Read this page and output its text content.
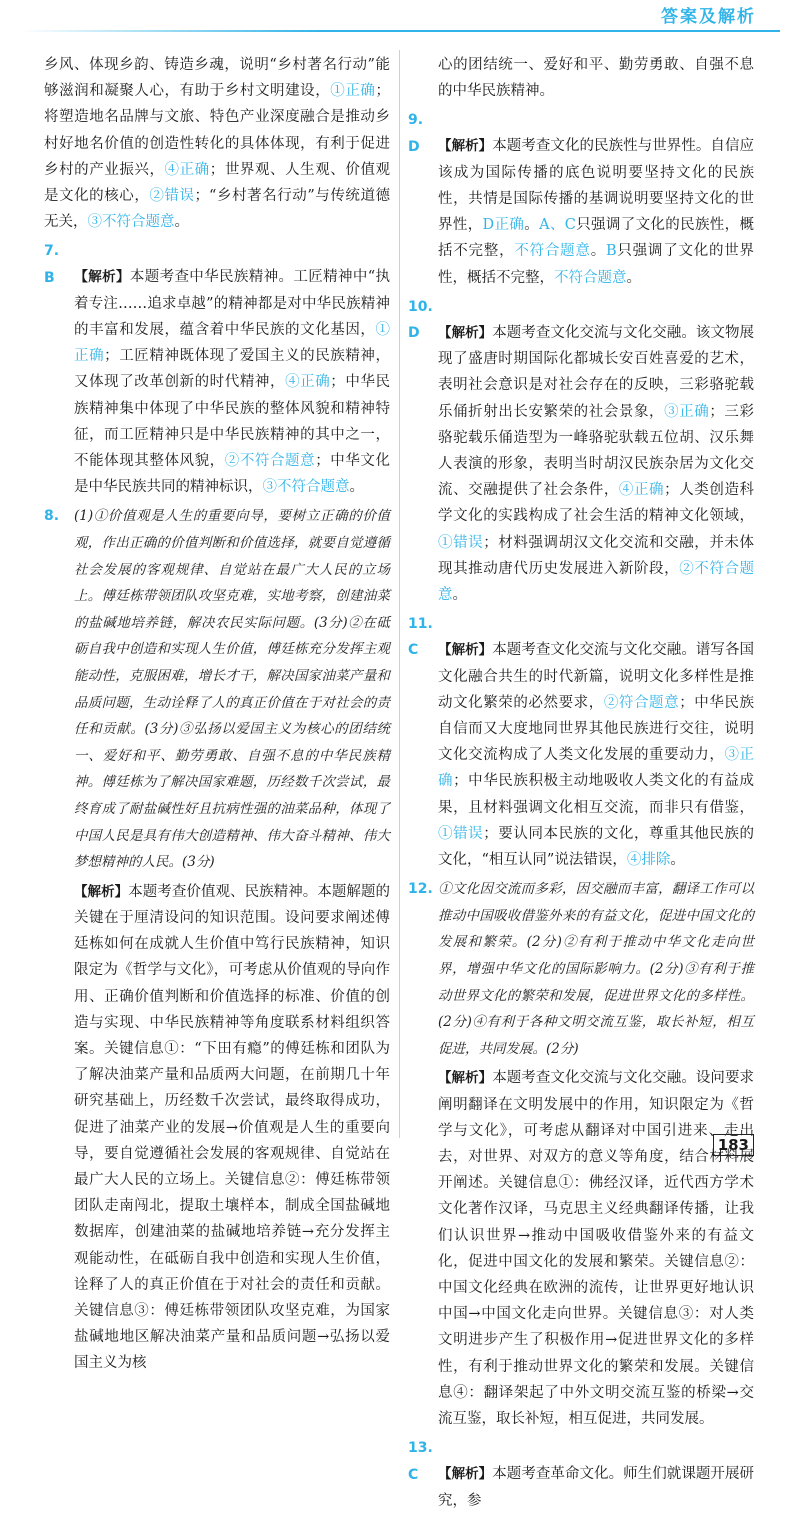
答案及解析
乡风、体现乡韵、铸造乡魂，说明“乡村著名行动”能够滋润和凝聚人心，有助于乡村文明建设，①正确；将塑造地名品牌与文旅、特色产业深度融合是推动乡村好地名价值的创造性转化的具体体现，有利于促进乡村的产业振兴，④正确；世界观、人生观、价值观是文化的核心，②错误；“乡村著名行动”与传统道德无关，③不符合题意。
7. B 【解析】本题考查中华民族精神。工匠精神中“执着专注……追求卓越”的精神都是对中华民族精神的丰富和发展，蕴含着中华民族的文化基因，①正确；工匠精神既体现了爱国主义的民族精神，又体现了改革创新的时代精神，④正确；中华民族精神集中体现了中华民族的整体风貌和精神特征，而工匠精神只是中华民族精神的其中之一，不能体现其整体风貌，②不符合题意；中华文化是中华民族共同的精神标识，③不符合题意。
8. (1)①价值观是人生的重要向导，要树立正确的价值观，作出正确的价值判断和价值选择，就要自觉遵循社会发展的客观规律、自觉站在最广大人民的立场上。傅廷栋带领团队攻坚克难，实地考察，创建油菜的盐碱地培养链，解决农民实际问题。(3分)②在砥砺自我中创造和实现人生价值，傅廷栋充分发挥主观能动性，克服困难，增长才干，解决国家油菜产量和品质问题，生动诠释了人的真正价值在于对社会的责任和贡献。(3分)③弘扬以爱国主义为核心的团结统一、爱好和平、勤劳勇敢、自强不息的中华民族精神。傅廷栋为了解决国家难题，历经数千次尝试，最终育成了耐盐碱性好且抗病性强的油菜品种，体现了中国人民是具有伟大创造精神、伟大奋斗精神、伟大梦想精神的人民。(3分)
【解析】本题考查价值观、民族精神。本题解题的关键在于厘清设问的知识范围。设问要求阐述傅廷栋如何在成就人生价值中笃行民族精神，知识限定为《哲学与文化》，可考虑从价值观的导向作用、正确价值判断和价值选择的标准、价值的创造与实现、中华民族精神等角度联系材料组织答案。关键信息①：“下田有瘾”的傅廷栋和团队为了解决油菜产量和品质两大问题，在前期几十年研究基础上，历经数千次尝试，最终取得成功，促进了油菜产业的发展→价值观是人生的重要向导，要自觉遵循社会发展的客观规律、自觉站在最广大人民的立场上。关键信息②：傅廷栋带领团队走南闯北，提取土壤样本，制成全国盐碱地数据库，创建油菜的盐碱地培养链→充分发挥主观能动性，在砥砺自我中创造和实现人生价值，诠释了人的真正价值在于对社会的责任和贡献。关键信息③：傅廷栋带领团队攻坚克难，为国家盐碱地地区解决油菜产量和品质问题→弘扬以爱国主义为核
心的团结统一、爱好和平、勤劳勇敢、自强不息的中华民族精神。
9. D 【解析】本题考查文化的民族性与世界性。自信应该成为国际传播的底色说明要坚持文化的民族性，共情是国际传播的基调说明要坚持文化的世界性，D正确。A、C只强调了文化的民族性，概括不完整，不符合题意。B只强调了文化的世界性，概括不完整，不符合题意。
10. D 【解析】本题考查文化交流与文化交融。该文物展现了盛唐时期国际化都城长安百姓喜爱的艺术，表明社会意识是对社会存在的反映，三彩骆驼载乐俑折射出长安繁荣的社会景象，③正确；三彩骆驼载乐俑造型为一峰骆驼驮载五位胡、汉乐舞人表演的形象，表明当时胡汉民族杂居为文化交流、交融提供了社会条件，④正确；人类创造科学文化的实践构成了社会生活的精神文化领域，①错误；材料强调胡汉文化交流和交融，并未体现其推动唐代历史发展进入新阶段，②不符合题意。
11. C 【解析】本题考查文化交流与文化交融。谱写各国文化融合共生的时代新篇，说明文化多样性是推动文化繁荣的必然要求，②符合题意；中华民族自信而又大度地同世界其他民族进行交往，说明文化交流构成了人类文化发展的重要动力，③正确；中华民族积极主动地吸收人类文化的有益成果，且材料强调文化相互交流，而非只有借鉴，①错误；要认同本民族的文化，尊重其他民族的文化，“相互认同”说法错误，④排除。
12. ①文化因交流而多彩，因交融而丰富，翻译工作可以推动中国吸收借鉴外来的有益文化，促进中国文化的发展和繁荣。(2分)②有利于推动中华文化走向世界，增强中华文化的国际影响力。(2分)③有利于推动世界文化的繁荣和发展，促进世界文化的多样性。(2分)④有利于各种文明交流互鉴，取长补短，相互促进，共同发展。(2分)
【解析】本题考查文化交流与文化交融。设问要求阐明翻译在文明发展中的作用，知识限定为《哲学与文化》，可考虑从翻译对中国引进来、走出去，对世界、对双方的意义等角度，结合材料展开阐述。关键信息①：佛经汉译，近代西方学术文化著作汉译，马克思主义经典翻译传播，让我们认识世界→推动中国吸收借鉴外来的有益文化，促进中国文化的发展和繁荣。关键信息②：中国文化经典在欧洲的流传，让世界更好地认识中国→中国文化走向世界。关键信息③：对人类文明进步产生了积极作用→促进世界文化的多样性，有利于推动世界文化的繁荣和发展。关键信息④：翻译架起了中外文明交流互鉴的桥梁→交流互鉴，取长补短，相互促进，共同发展。
13. C 【解析】本题考查革命文化。师生们就课题开展研究，参
183
